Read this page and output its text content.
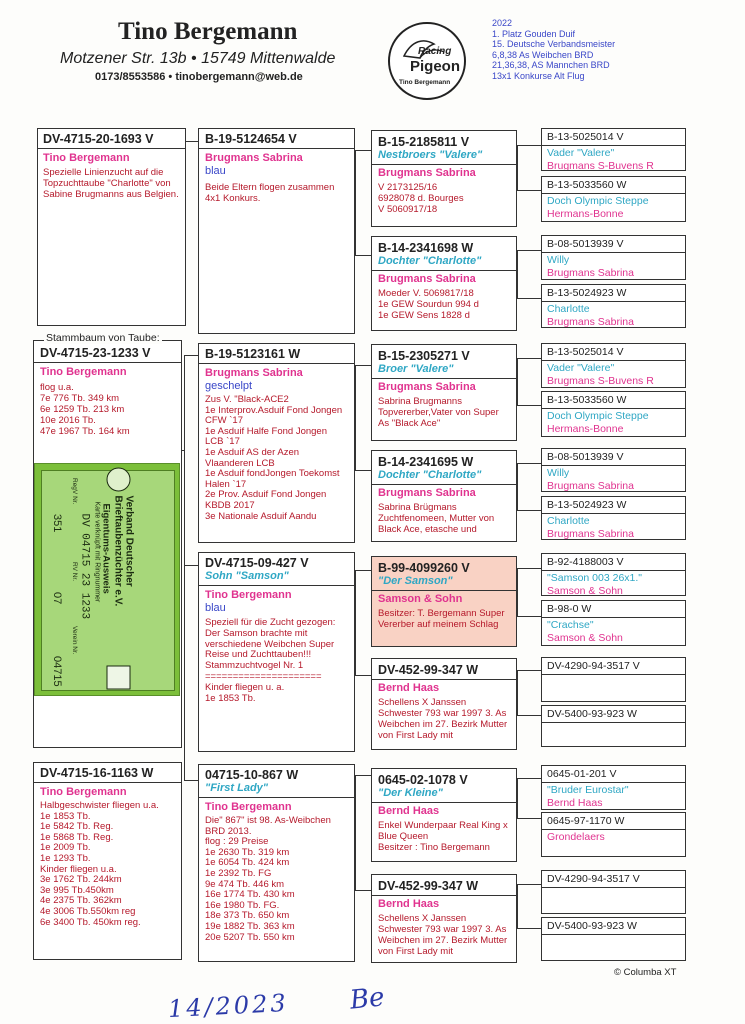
Tino Bergemann
Motzener Str. 13b • 15749 Mittenwalde
0173/8553586 • tinobergemann@web.de
Racing
Pigeon
Tino Bergemann
2022
1. Platz Gouden Duif
15. Deutsche Verbandsmeister
6,8,38 As Weibchen BRD
21,36,38, AS Mannchen BRD
13x1 Konkurse Alt Flug
DV-4715-20-1693 V
Tino Bergemann
Spezielle Linienzucht auf die Topzuchttaube "Charlotte" von Sabine Brugmanns aus Belgien.
Stammbaum von Taube:
DV-4715-23-1233 V
Tino Bergemann
flog u.a.
7e 776 Tb. 349 km
6e 1259 Tb. 213 km
10e 2016 Tb.
47e 1967 Tb. 164 km
Verband Deutscher
Brieftaubenzüchter e.V.
Eigentums-Ausweis
Karte verknüpft mit Ringnummer
DV 04715 23 1233
RegV Nr.
351
RV Nr.
07
Verein Nr.
04715
DV-4715-16-1163 W
Tino Bergemann
Halbgeschwister fliegen u.a.
1e 1853 Tb.
1e 5842 Tb. Reg.
1e 5868 Tb. Reg.
1e 2009 Tb.
1e 1293 Tb.
Kinder fliegen u.a.
3e 1762 Tb. 244km
3e 995 Tb.450km
4e 2375 Tb. 362km
4e 3006 Tb.550km reg
6e 3400 Tb. 450km reg.
B-19-5124654 V
Brugmans Sabrina
blau
Beide Eltern flogen zusammen 4x1 Konkurs.
B-19-5123161 W
Brugmans Sabrina
geschelpt
Zus V. "Black-ACE2
1e Interprov.Asduif Fond Jongen CFW `17
1e Asduif Halfe Fond Jongen LCB `17
1e Asduif AS der Azen Vlaanderen LCB
1e Asduif fondJongen Toekomst Halen `17
2e Prov. Asduif Fond Jongen KBDB 2017
3e Nationale Asduif Aandu
DV-4715-09-427 V
Sohn "Samson"
Tino Bergemann
blau
Speziell für die Zucht gezogen:
Der Samson brachte mit verschiedene Weibchen Super Reise und Zuchttauben!!!
Stammzuchtvogel Nr. 1
=====================
Kinder fliegen u. a.
1e 1853 Tb.
04715-10-867 W
"First Lady"
Tino Bergemann
Die" 867" ist 98. As-Weibchen BRD 2013.
flog : 29 Preise
1e 2630 Tb. 319 km
1e 6054 Tb. 424 km
1e 2392 Tb. FG
9e 474 Tb. 446 km
16e 1774 Tb. 430 km
16e 1980 Tb. FG.
18e 373 Tb. 650 km
19e 1882 Tb. 363 km
20e 5207 Tb. 550 km
B-15-2185811 V
Nestbroers "Valere"
Brugmans Sabrina
V 2173125/16
6928078 d. Bourges
V 5060917/18
B-14-2341698 W
Dochter "Charlotte"
Brugmans Sabrina
Moeder V. 5069817/18
1e GEW Sourdun 994 d
1e GEW Sens 1828 d
B-15-2305271 V
Broer "Valere"
Brugmans Sabrina
Sabrina Brugmanns Topvererber,Vater von Super As "Black Ace"
B-14-2341695 W
Dochter "Charlotte"
Brugmans Sabrina
Sabrina Brügmans Zuchtfenomeen, Mutter von Black Ace, etasche und
B-99-4099260 V
"Der Samson"
Samson & Sohn
Besitzer: T. Bergemann Super Vererber auf meinem Schlag
DV-452-99-347 W
Bernd Haas
Schellens X Janssen Schwester 793 war 1997 3. As Weibchen im 27. Bezirk Mutter von First Lady mit
0645-02-1078 V
"Der Kleine"
Bernd Haas
Enkel Wunderpaar Real King x Blue Queen
Besitzer : Tino Bergemann
DV-452-99-347 W
Bernd Haas
Schellens X Janssen Schwester 793 war 1997 3. As Weibchen im 27. Bezirk Mutter von First Lady mit
B-13-5025014 V
Vader "Valere"
Brugmans S-Buvens R
B-13-5033560 W
Doch Olympic Steppe
Hermans-Bonne
B-08-5013939 V
Willy
Brugmans Sabrina
B-13-5024923 W
Charlotte
Brugmans Sabrina
B-13-5025014 V
Vader "Valere"
Brugmans S-Buvens R
B-13-5033560 W
Doch Olympic Steppe
Hermans-Bonne
B-08-5013939 V
Willy
Brugmans Sabrina
B-13-5024923 W
Charlotte
Brugmans Sabrina
B-92-4188003 V
"Samson 003 26x1."
Samson & Sohn
B-98-0 W
"Crachse"
Samson & Sohn
DV-4290-94-3517 V
DV-5400-93-923 W
0645-01-201 V
"Bruder Eurostar"
Bernd Haas
0645-97-1170 W
Grondelaers
DV-4290-94-3517 V
DV-5400-93-923 W
© Columba XT
14/2023 Be
